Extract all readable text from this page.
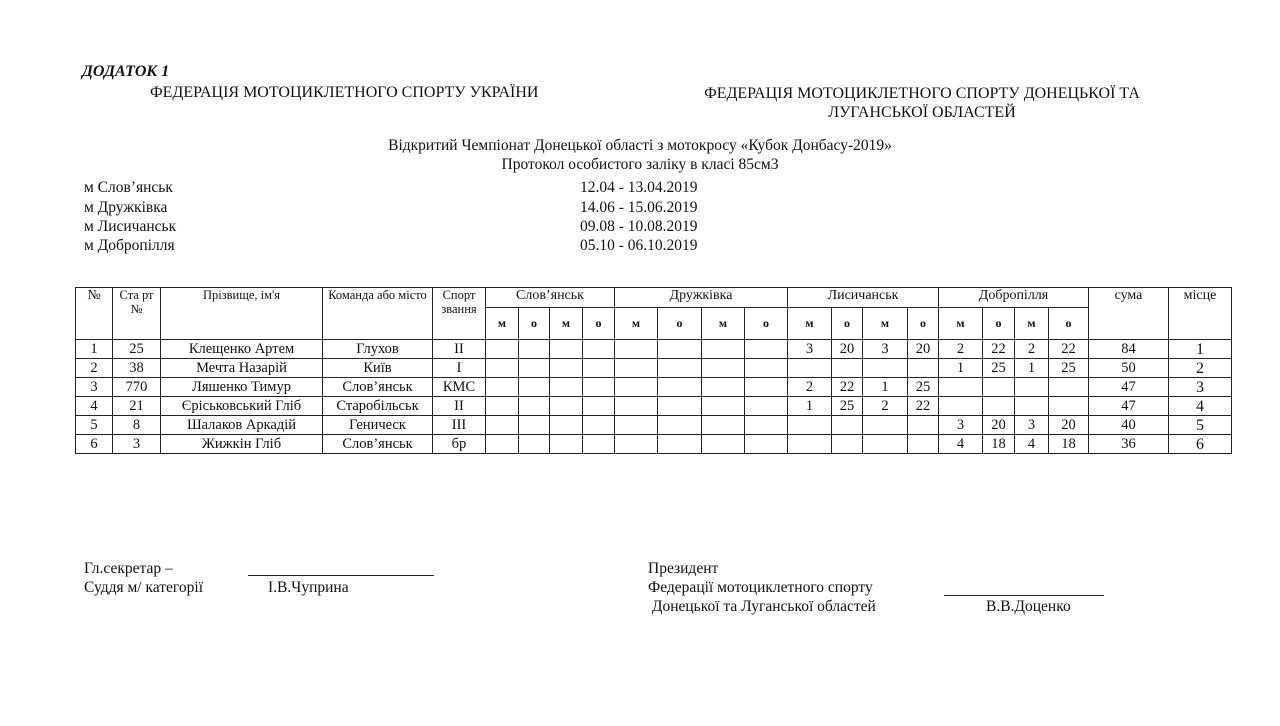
ДОДАТОК 1
ФЕДЕРАЦІЯ МОТОЦИКЛЕТНОГО СПОРТУ УКРАЇНИ	ФЕДЕРАЦІЯ МОТОЦИКЛЕТНОГО СПОРТУ ДОНЕЦЬКОЇ ТА ЛУГАНСЬКОЇ ОБЛАСТЕЙ
Відкритий Чемпіонат Донецької області з мотокросу «Кубок Донбасу-2019»
Протокол особистого заліку в класі 85см3
м Слов’янськ	12.04 - 13.04.2019
м Дружківка	14.06 - 15.06.2019
м Лисичанськ	09.08 - 10.08.2019
м Добропілля	05.10 - 06.10.2019
№	Ста рт №	Прізвище, ім'я	Команда або місто	Спорт звання	Слов’янськ				Дружківка				Лисичанськ				Добропілля				сума	місце
					м	о	м	о	м	о	м	о	м	о	м	о	м	о	м	о		
1	25	Клещенко Артем	Глухов	ІІ									3	20	3	20	2	22	2	22	84	1
2	38	Мечта Назарій	Київ	І													1	25	1	25	50	2
3	770	Ляшенко Тимур	Слов’янськ	КМС									2	22	1	25					47	3
4	21	Єріськовський Гліб	Старобільськ	ІІ									1	25	2	22					47	4
5	8	Шалаков Аркадій	Геническ	ІІІ													3	20	3	20	40	5
6	3	Жижкін Гліб	Слов’янськ	бр													4	18	4	18	36	6
Гл.секретар –
Суддя м/ категорії	І.В.Чуприна
Президент
Федерації мотоциклетного спорту
Донецької та Луганської областей	В.В.Доценко
